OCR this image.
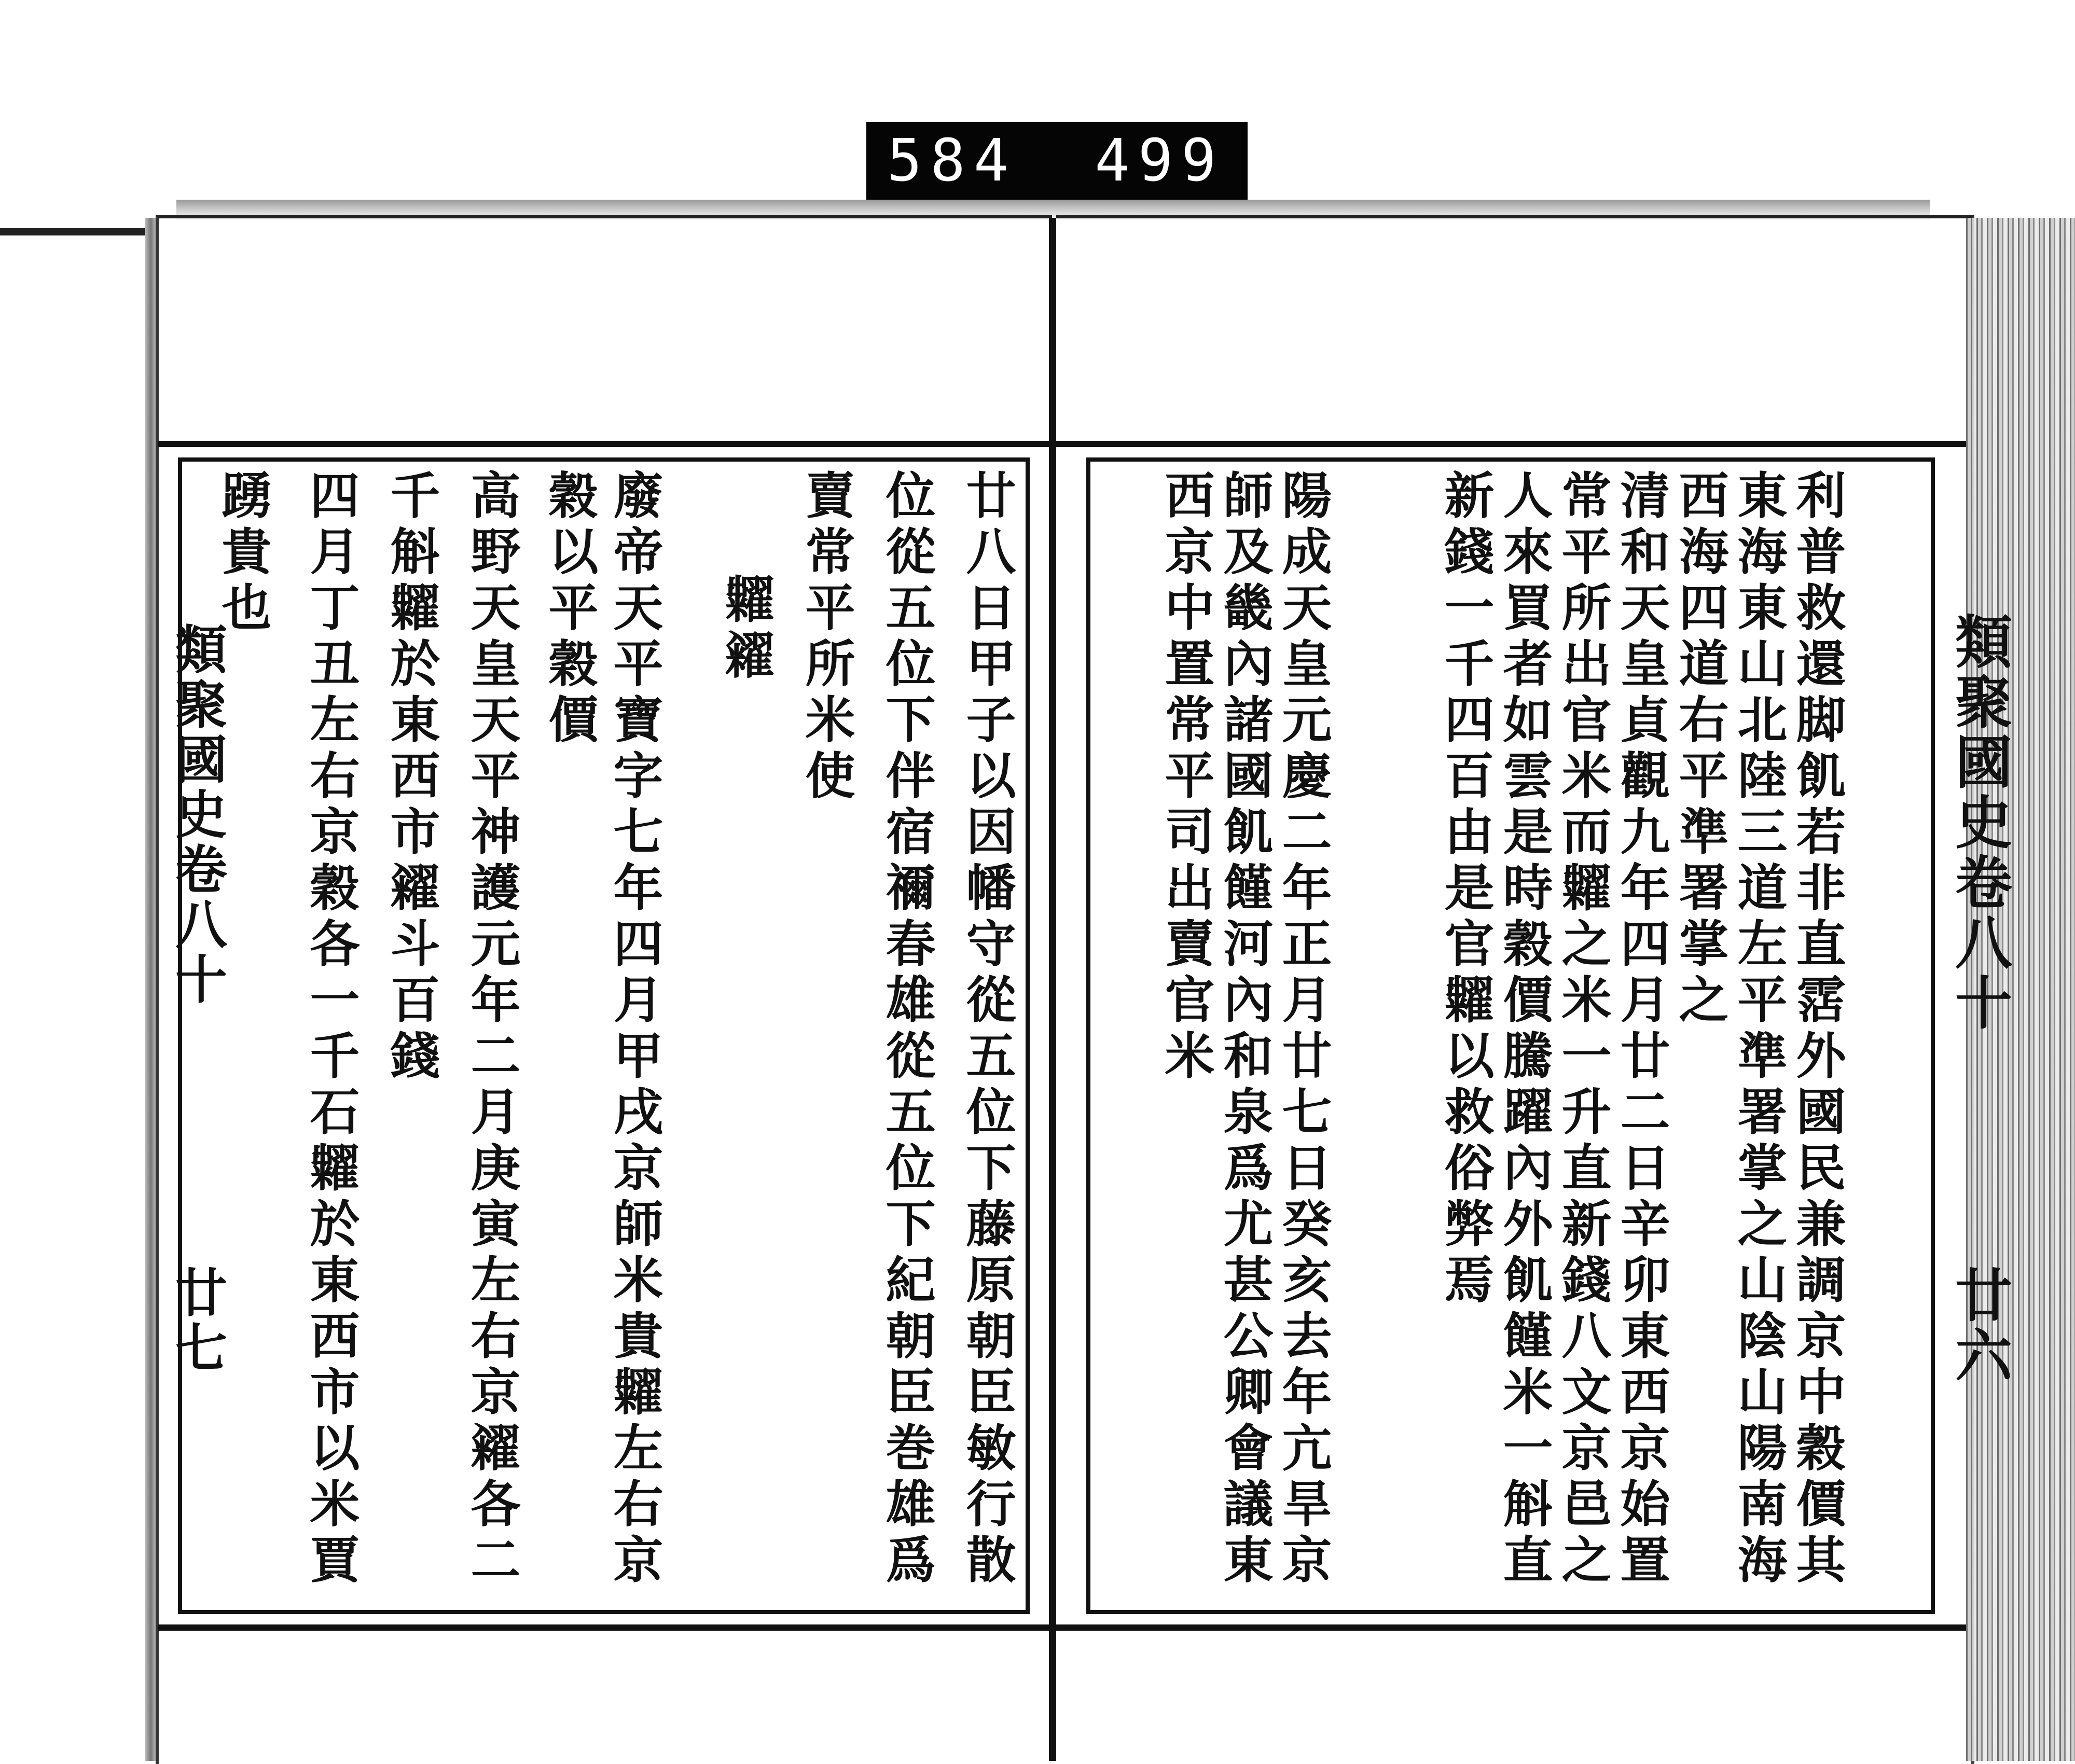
584 499
利普救還脚飢若非直霑外國民兼調京中穀價其
東海東山北陸三道左平準署掌之山陰山陽南海
西海四道右平準署掌之
清和天皇貞觀九年四月廿二日辛卯東西京始置
常平所出官米而糶之米一升直新錢八文京邑之
人來買者如雲是時穀價騰躍內外飢饉米一斛直
新錢一千四百由是官糶以救俗弊焉
陽成天皇元慶二年正月廿七日癸亥去年亢旱京
師及畿內諸國飢饉河內和泉爲尤甚公卿會議東
西京中置常平司出賣官米
廿八日甲子以因幡守從五位下藤原朝臣敏行散
位從五位下伴宿禰春雄從五位下紀朝臣巻雄爲
賣常平所米使
糶糴
廢帝天平寶字七年四月甲戌京師米貴糶左右京
穀以平穀價
高野天皇天平神護元年二月庚寅左右京糴各二
千斛糶於東西市糴斗百錢
四月丁丑左右京穀各一千石糶於東西市以米賈
踴貴也
類聚國史卷八十
廿六
類聚國史卷八十
廿七
